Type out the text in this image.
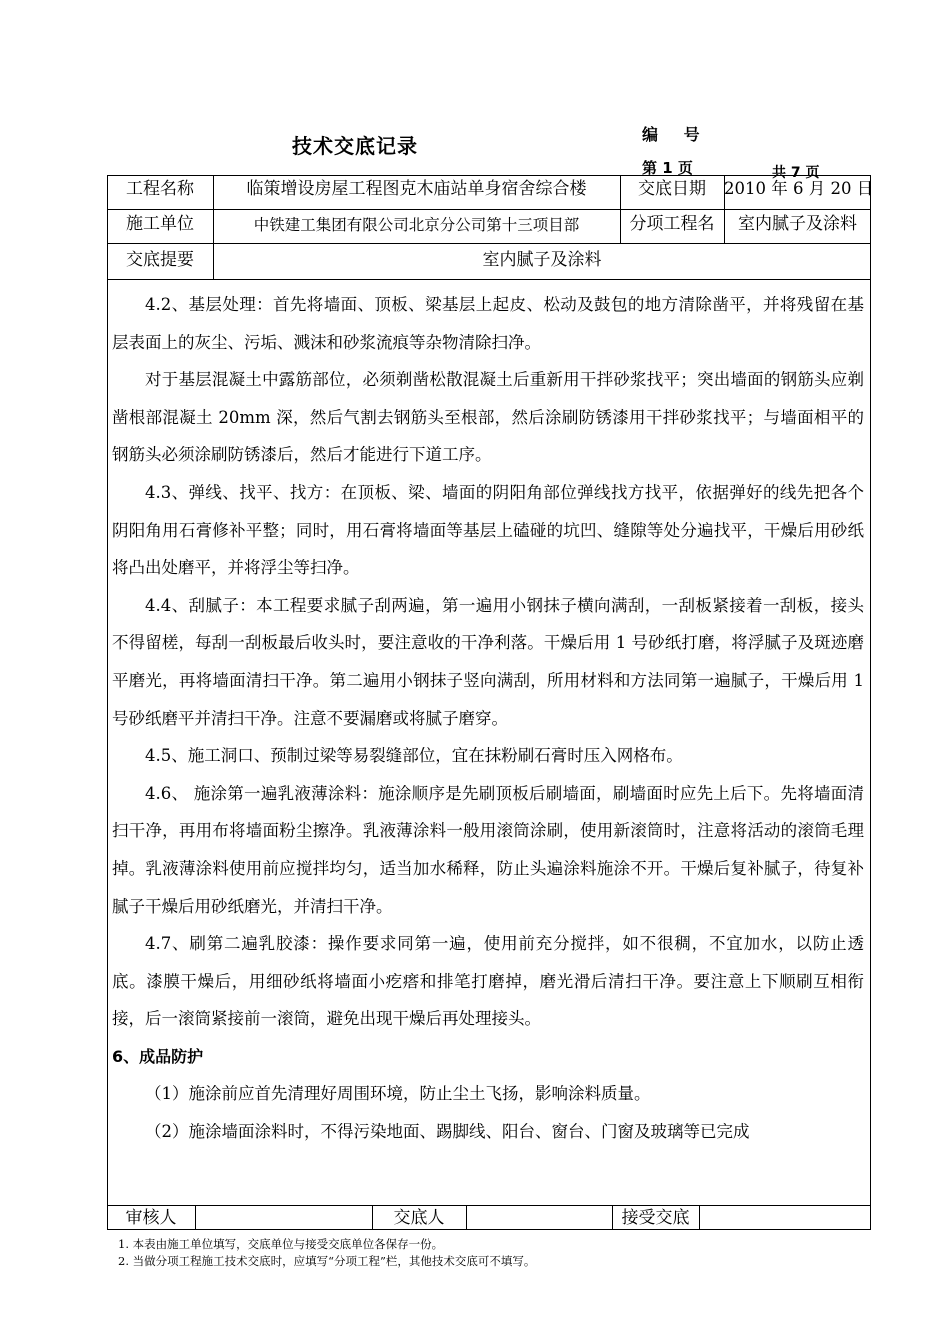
技术交底记录	编 号
第 1 页	共 7 页
工程名称	临策增设房屋工程图克木庙站单身宿舍综合楼	交底日期	2010 年 6 月 20 日
施工单位	中铁建工集团有限公司北京分公司第十三项目部	分项工程名	室内腻子及涂料
交底提要	室内腻子及涂料

4.2、基层处理：首先将墙面、顶板、梁基层上起皮、松动及鼓包的地方清除凿平，并将残留在基层表面上的灰尘、污垢、溅沫和砂浆流痕等杂物清除扫净。

对于基层混凝土中露筋部位，必须剃凿松散混凝土后重新用干拌砂浆找平；突出墙面的钢筋头应剃凿根部混凝土 20mm 深，然后气割去钢筋头至根部，然后涂刷防锈漆用干拌砂浆找平；与墙面相平的钢筋头必须涂刷防锈漆后，然后才能进行下道工序。

4.3、弹线、找平、找方：在顶板、梁、墙面的阴阳角部位弹线找方找平，依据弹好的线先把各个阴阳角用石膏修补平整；同时，用石膏将墙面等基层上磕碰的坑凹、缝隙等处分遍找平，干燥后用砂纸将凸出处磨平，并将浮尘等扫净。

4.4、刮腻子：本工程要求腻子刮两遍，第一遍用小钢抹子横向满刮，一刮板紧接着一刮板，接头不得留槎，每刮一刮板最后收头时，要注意收的干净利落。干燥后用 1 号砂纸打磨，将浮腻子及斑迹磨平磨光，再将墙面清扫干净。第二遍用小钢抹子竖向满刮，所用材料和方法同第一遍腻子，干燥后用 1 号砂纸磨平并清扫干净。注意不要漏磨或将腻子磨穿。

4.5、施工洞口、预制过梁等易裂缝部位，宜在抹粉刷石膏时压入网格布。

4.6、 施涂第一遍乳液薄涂料：施涂顺序是先刷顶板后刷墙面，刷墙面时应先上后下。先将墙面清扫干净，再用布将墙面粉尘擦净。乳液薄涂料一般用滚筒涂刷，使用新滚筒时，注意将活动的滚筒毛理掉。乳液薄涂料使用前应搅拌均匀，适当加水稀释，防止头遍涂料施涂不开。干燥后复补腻子，待复补腻子干燥后用砂纸磨光，并清扫干净。

4.7、刷第二遍乳胶漆：操作要求同第一遍，使用前充分搅拌，如不很稠，不宜加水，以防止透底。漆膜干燥后，用细砂纸将墙面小疙瘩和排笔打磨掉，磨光滑后清扫干净。要注意上下顺刷互相衔接，后一滚筒紧接前一滚筒，避免出现干燥后再处理接头。

6、成品防护

（1）施涂前应首先清理好周围环境，防止尘土飞扬，影响涂料质量。

（2）施涂墙面涂料时，不得污染地面、踢脚线、阳台、窗台、门窗及玻璃等已完成

审核人	交底人	接受交底
1. 本表由施工单位填写，交底单位与接受交底单位各保存一份。
2. 当做分项工程施工技术交底时，应填写“分项工程”栏，其他技术交底可不填写。
